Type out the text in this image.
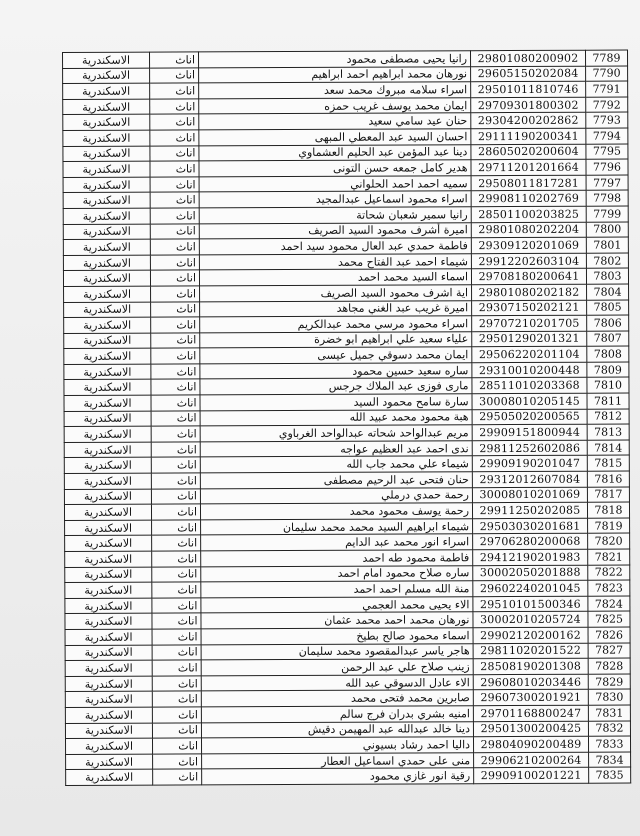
الاسكندرية	اناث	رانيا يحيى مصطفى محمود	29801080200902	7789
الاسكندرية	اناث	نورهان محمد ابراهيم احمد ابراهيم	29605150202084	7790
الاسكندرية	اناث	اسراء سلامه مبروك محمد سعد	29501011810746	7791
الاسكندرية	اناث	ايمان محمد يوسف غريب حمزه	29709301800302	7792
الاسكندرية	اناث	حنان عيد سامي سعيد	29304200202862	7793
الاسكندرية	اناث	احسان السيد عبد المعطي المبهى	29111190200341	7794
الاسكندرية	اناث	دينا عبد المؤمن عبد الحليم العشماوي	28605020200604	7795
الاسكندرية	اناث	هدير كامل جمعه حسن التونى	29711201201664	7796
الاسكندرية	اناث	سميه احمد احمد الحلواني	29508011817281	7797
الاسكندرية	اناث	اسراء محمود اسماعيل عبدالمجيد	29908110202769	7798
الاسكندرية	اناث	رانيا سمير شعبان شحاتة	28501100203825	7799
الاسكندرية	اناث	اميرة أشرف محمود السيد الصريف	29801080202204	7800
الاسكندرية	اناث	فاطمة حمدي عبد العال محمود سيد احمد	29309120201069	7801
الاسكندرية	اناث	شيماء احمد عبد الفتاح محمد	29912202603104	7802
الاسكندرية	اناث	اسماء السيد محمد احمد	29708180200641	7803
الاسكندرية	اناث	اية اشرف محمود السيد الصريف	29801080202182	7804
الاسكندرية	اناث	اميرة غريب عبد الغني مجاهد	29307150202121	7805
الاسكندرية	اناث	اسراء محمود مرسي محمد عبدالكريم	29707210201705	7806
الاسكندرية	اناث	علياء سعيد علي ابراهيم ابو خضرة	29501290201321	7807
الاسكندرية	اناث	ايمان محمد دسوقي جميل عيسى	29506220201104	7808
الاسكندرية	اناث	ساره سعيد حسين محمود	29310010200448	7809
الاسكندرية	اناث	مارى فوزى عبد الملاك جرجس	28511010203368	7810
الاسكندرية	اناث	سارة سامح محمود السيد	30008010205145	7811
الاسكندرية	اناث	هبة محمود محمد عبيد الله	29505020200565	7812
الاسكندرية	اناث	مريم عبدالواحد شحاته عبدالواحد الغرباوي	29909151800944	7813
الاسكندرية	اناث	ندى احمد عبد العظيم عواجه	29811252602086	7814
الاسكندرية	اناث	شيماء علي محمد جاب الله	29909190201047	7815
الاسكندرية	اناث	حنان فتحى عبد الرحيم مصطفى	29312012607084	7816
الاسكندرية	اناث	رحمة حمدي درملي	30008010201069	7817
الاسكندرية	اناث	رحمة يوسف محمود محمد	29911250202085	7818
الاسكندرية	اناث	شيماء ابراهيم السيد محمد محمد سليمان	29503030201681	7819
الاسكندرية	اناث	اسراء انور محمد عبد الدايم	29706280200068	7820
الاسكندرية	اناث	فاطمة محمود طه احمد	29412190201983	7821
الاسكندرية	اناث	ساره صلاح محمود امام احمد	30002050201888	7822
الاسكندرية	اناث	منة الله مسلم احمد احمد	29602240201045	7823
الاسكندرية	اناث	الاء يحيى محمد العجمي	29510101500346	7824
الاسكندرية	اناث	نورهان محمد احمد محمد عثمان	30002010205724	7825
الاسكندرية	اناث	اسماء محمود صالح بطيخ	29902120200162	7826
الاسكندرية	اناث	هاجر ياسر عبدالمقصود محمد سليمان	29811020201522	7827
الاسكندرية	اناث	زينب صلاح علي عبد الرحمن	28508190201308	7828
الاسكندرية	اناث	الاء عادل الدسوقي عبد الله	29608010203446	7829
الاسكندرية	اناث	صابرين محمد فتحى محمد	29607300201921	7830
الاسكندرية	اناث	امنيه بشري بدران فرج سالم	29701168800247	7831
الاسكندرية	اناث	دينا خالد عبدالله عبد المهيمن دقيش	29501300200425	7832
الاسكندرية	اناث	داليا احمد رشاد بسيوني	29804090200489	7833
الاسكندرية	اناث	منى على حمدي اسماعيل العطار	29906210200264	7834
الاسكندرية	اناث	رقية انور غازي محمود	29909100201221	7835
